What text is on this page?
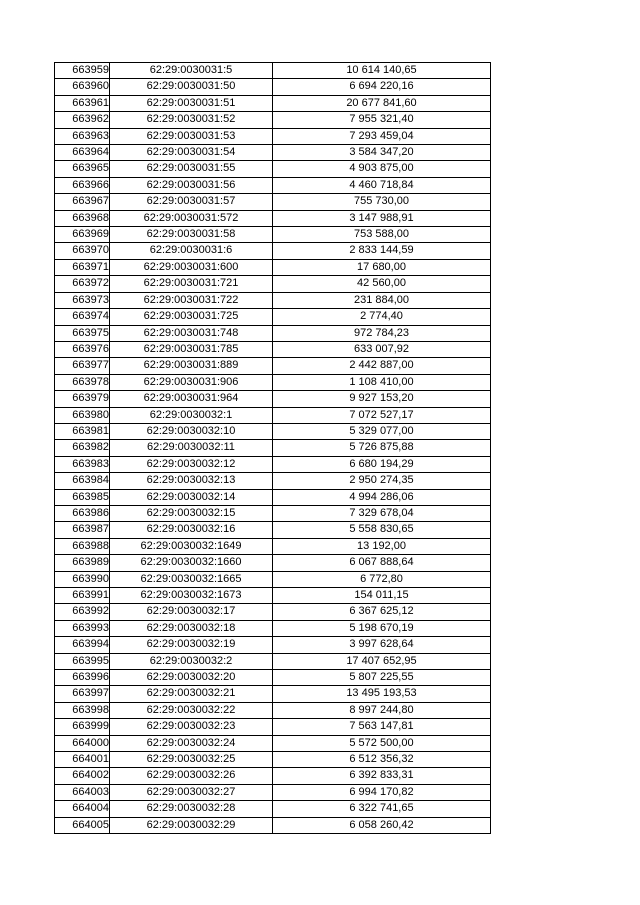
663959	62:29:0030031:5	10 614 140,65
663960	62:29:0030031:50	6 694 220,16
663961	62:29:0030031:51	20 677 841,60
663962	62:29:0030031:52	7 955 321,40
663963	62:29:0030031:53	7 293 459,04
663964	62:29:0030031:54	3 584 347,20
663965	62:29:0030031:55	4 903 875,00
663966	62:29:0030031:56	4 460 718,84
663967	62:29:0030031:57	755 730,00
663968	62:29:0030031:572	3 147 988,91
663969	62:29:0030031:58	753 588,00
663970	62:29:0030031:6	2 833 144,59
663971	62:29:0030031:600	17 680,00
663972	62:29:0030031:721	42 560,00
663973	62:29:0030031:722	231 884,00
663974	62:29:0030031:725	2 774,40
663975	62:29:0030031:748	972 784,23
663976	62:29:0030031:785	633 007,92
663977	62:29:0030031:889	2 442 887,00
663978	62:29:0030031:906	1 108 410,00
663979	62:29:0030031:964	9 927 153,20
663980	62:29:0030032:1	7 072 527,17
663981	62:29:0030032:10	5 329 077,00
663982	62:29:0030032:11	5 726 875,88
663983	62:29:0030032:12	6 680 194,29
663984	62:29:0030032:13	2 950 274,35
663985	62:29:0030032:14	4 994 286,06
663986	62:29:0030032:15	7 329 678,04
663987	62:29:0030032:16	5 558 830,65
663988	62:29:0030032:1649	13 192,00
663989	62:29:0030032:1660	6 067 888,64
663990	62:29:0030032:1665	6 772,80
663991	62:29:0030032:1673	154 011,15
663992	62:29:0030032:17	6 367 625,12
663993	62:29:0030032:18	5 198 670,19
663994	62:29:0030032:19	3 997 628,64
663995	62:29:0030032:2	17 407 652,95
663996	62:29:0030032:20	5 807 225,55
663997	62:29:0030032:21	13 495 193,53
663998	62:29:0030032:22	8 997 244,80
663999	62:29:0030032:23	7 563 147,81
664000	62:29:0030032:24	5 572 500,00
664001	62:29:0030032:25	6 512 356,32
664002	62:29:0030032:26	6 392 833,31
664003	62:29:0030032:27	6 994 170,82
664004	62:29:0030032:28	6 322 741,65
664005	62:29:0030032:29	6 058 260,42
